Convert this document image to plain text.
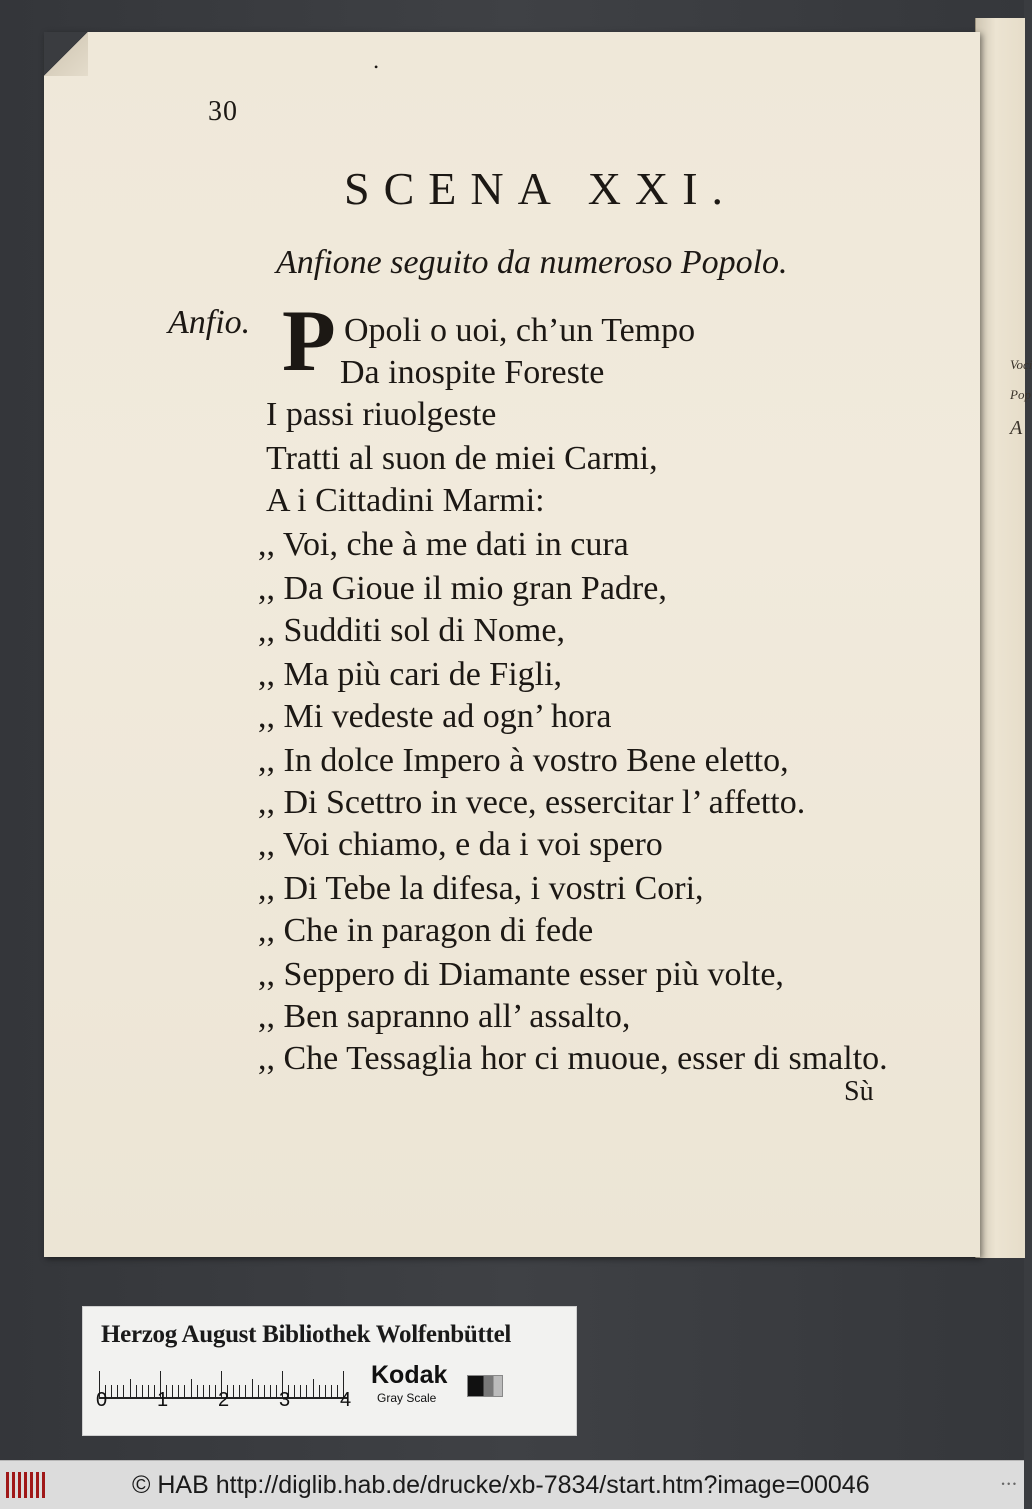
Voci
Pop
A
•
30
SCENA XXI.
Anfione seguito da numeroso Popolo.
Anfio. P Opoli o uoi, ch’un Tempo
Da inospite Foreste
I passi riuolgeste
Tratti al suon de miei Carmi,
A i Cittadini Marmi:
,, Voi, che à me dati in cura
,, Da Gioue il mio gran Padre,
,, Sudditi sol di Nome,
,, Ma più cari de Figli,
,, Mi vedeste ad ogn’ hora
,, In dolce Impero à vostro Bene eletto,
,, Di Scettro in vece, essercitar l’ affetto.
,, Voi chiamo, e da i voi spero
,, Di Tebe la difesa, i vostri Cori,
,, Che in paragon di fede
,, Seppero di Diamante esser più volte,
,, Ben sapranno all’ assalto,
,, Che Tessaglia hor ci muoue, esser di smalto.
Sù
Herzog August Bibliothek Wolfenbüttel
0 1 2 3 4
Kodak
Gray Scale
© HAB http://diglib.hab.de/drucke/xb-7834/start.htm?image=00046	• • •
